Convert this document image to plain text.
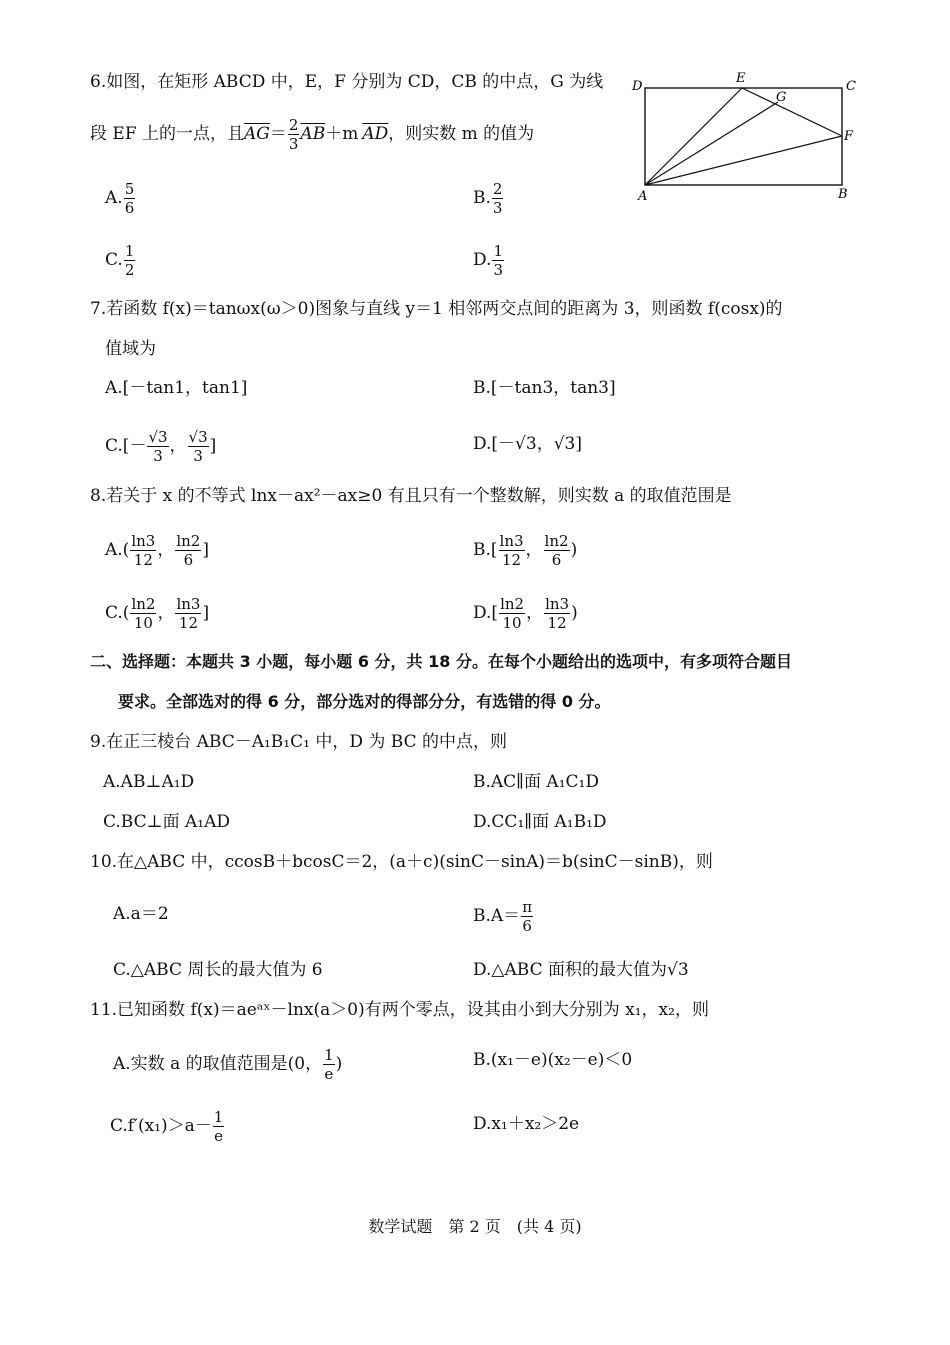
6.如图，在矩形 ABCD 中，E，F 分别为 CD，CB 的中点，G 为线
段 EF 上的一点，且$\overline{AG}= \frac{2}{3} \overline{AB}+m$ $\overline{AD}$，则实数 m 的值为
D
E
C
G
F
A	B
A. $\frac{5}{6}$	B. $\frac{2}{3}$
C. $\frac{1}{2}$	D. $\frac{1}{3}$
7.若函数 f(x)＝tanωx(ω＞0)图象与直线 y＝1 相邻两交点间的距离为 3，则函数 f(cosx)的
值域为
A.[－tan1，tan1]	B.[－tan3，tan3]
$C.[- \frac{√3}{3}$ ， $\frac{√3}{3}$ ]	D.[－√3，√3]
8.若关于 x 的不等式 lnx－ax²－ax≥0 有且只有一个整数解，则实数 a 的取值范围是
$A.( \frac{\ln 3}{12}$ ， $\frac{\ln 2}{6}$ ]	$B.[ \frac{\ln 3}{12}$ ， $\frac{\ln 2}{6}$ )
$C.( \frac{\ln 2}{10}$ ， $\frac{\ln 3}{12}$ ]	$D.[ \frac{\ln 2}{10}$ ， $\frac{\ln 3}{12}$ )
二、选择题：本题共 3 小题，每小题 6 分，共 18 分。在每个小题给出的选项中，有多项符合题目
要求。全部选对的得 6 分，部分选对的得部分分，有选错的得 0 分。
9.在正三棱台 ABC－A₁B₁C₁ 中，D 为 BC 的中点，则
A.AB⊥A₁D	B.AC∥面 A₁C₁D
C.BC⊥面 A₁AD	D.CC₁∥面 A₁B₁D
10.在△ABC 中，ccosB＋bcosC＝2，(a＋c)(sinC－sinA)＝b(sinC－sinB)，则
A.a＝2	$B.A= \frac{\pi}{6}$
C.△ABC 周长的最大值为 6	D.△ABC 面积的最大值为√3
11.已知函数 f(x)＝aeᵃˣ－lnx(a＞0)有两个零点，设其由小到大分别为 x₁，x₂，则
A.实数 a 的取值范围是(0， $\frac{1}{e}$ )	B.(x₁－e)(x₂－e)＜0
$C.f'(x_1)>a- \frac{1}{e}$	D.x₁＋x₂＞2e
数学试题　第 2 页　(共 4 页)
